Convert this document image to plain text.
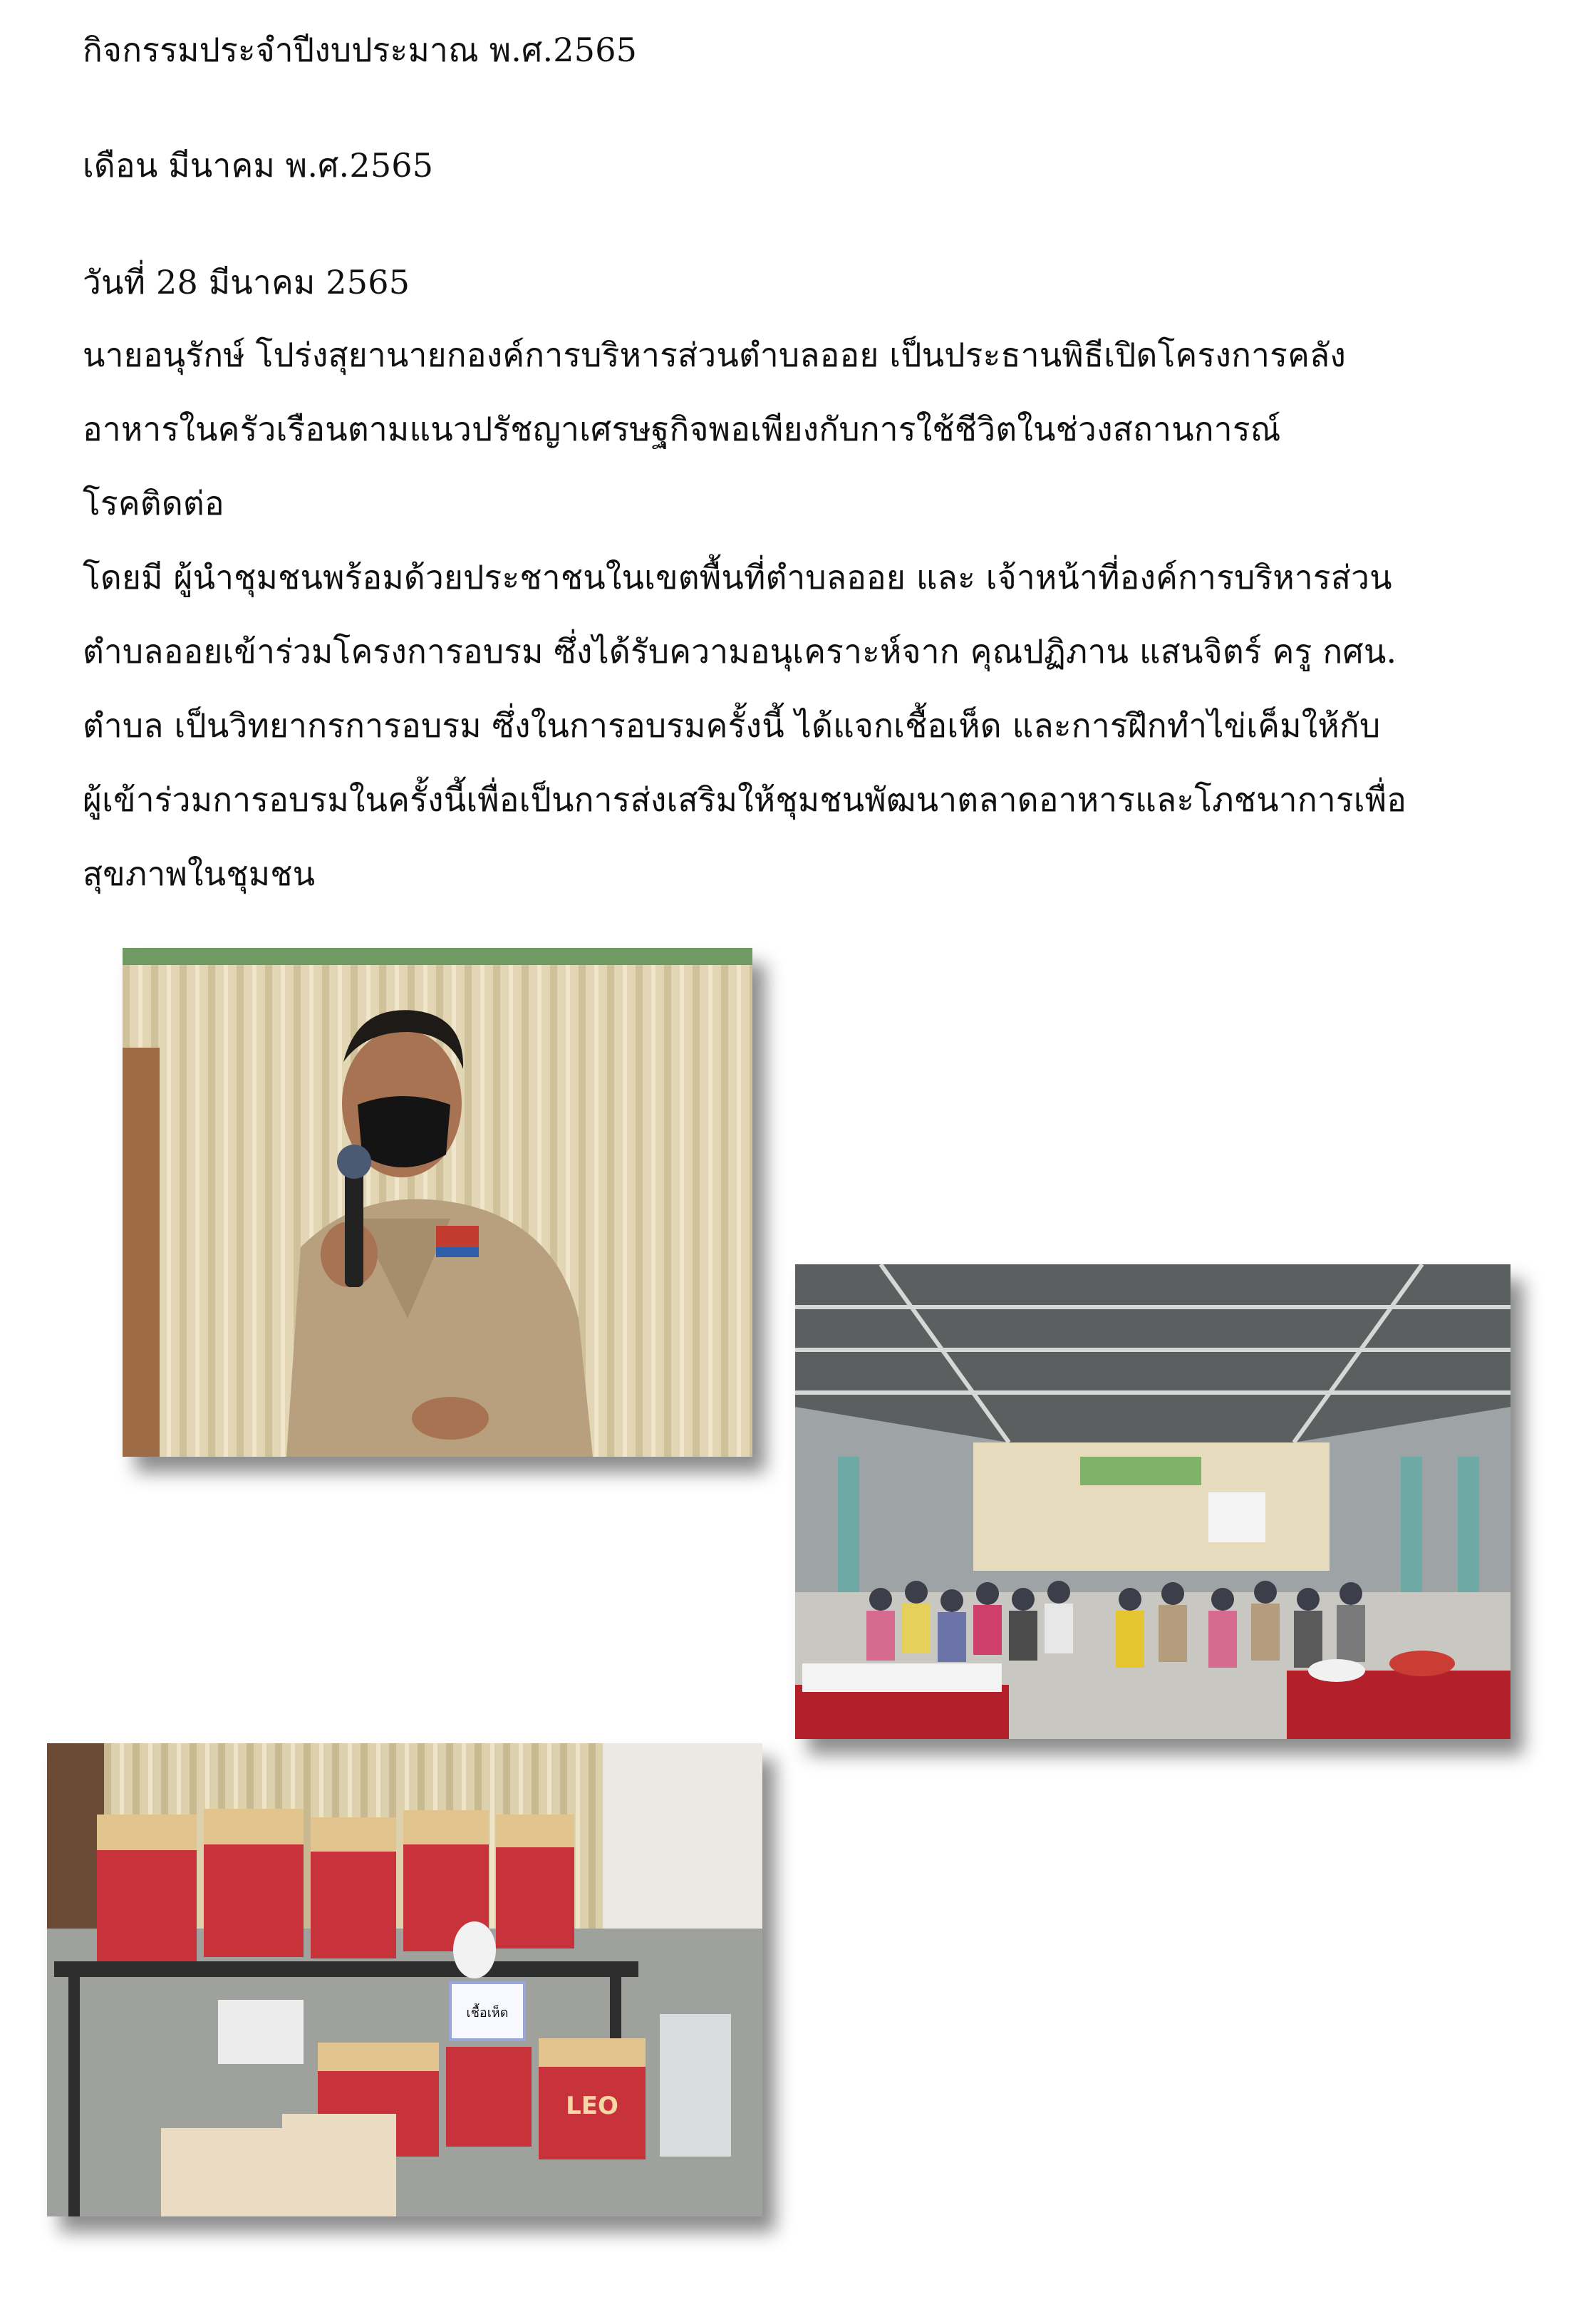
กิจกรรมประจำปีงบประมาณ พ.ศ.2565
เดือน มีนาคม พ.ศ.2565
วันที่ 28 มีนาคม 2565
นายอนุรักษ์ โปร่งสุยานายกองค์การบริหารส่วนตำบลออย เป็นประธานพิธีเปิดโครงการคลัง
อาหารในครัวเรือนตามแนวปรัชญาเศรษฐกิจพอเพียงกับการใช้ชีวิตในช่วงสถานการณ์
โรคติดต่อ
โดยมี ผู้นำชุมชนพร้อมด้วยประชาชนในเขตพื้นที่ตำบลออย และ เจ้าหน้าที่องค์การบริหารส่วน
ตำบลออยเข้าร่วมโครงการอบรม ซึ่งได้รับความอนุเคราะห์จาก คุณปฏิภาน แสนจิตร์ ครู กศน.
ตำบล เป็นวิทยากรการอบรม ซึ่งในการอบรมครั้งนี้ ได้แจกเชื้อเห็ด และการฝึกทำไข่เค็มให้กับ
ผู้เข้าร่วมการอบรมในครั้งนี้เพื่อเป็นการส่งเสริมให้ชุมชนพัฒนาตลาดอาหารและโภชนาการเพื่อ
สุขภาพในชุมชน
เชื้อเห็ด
LEO
